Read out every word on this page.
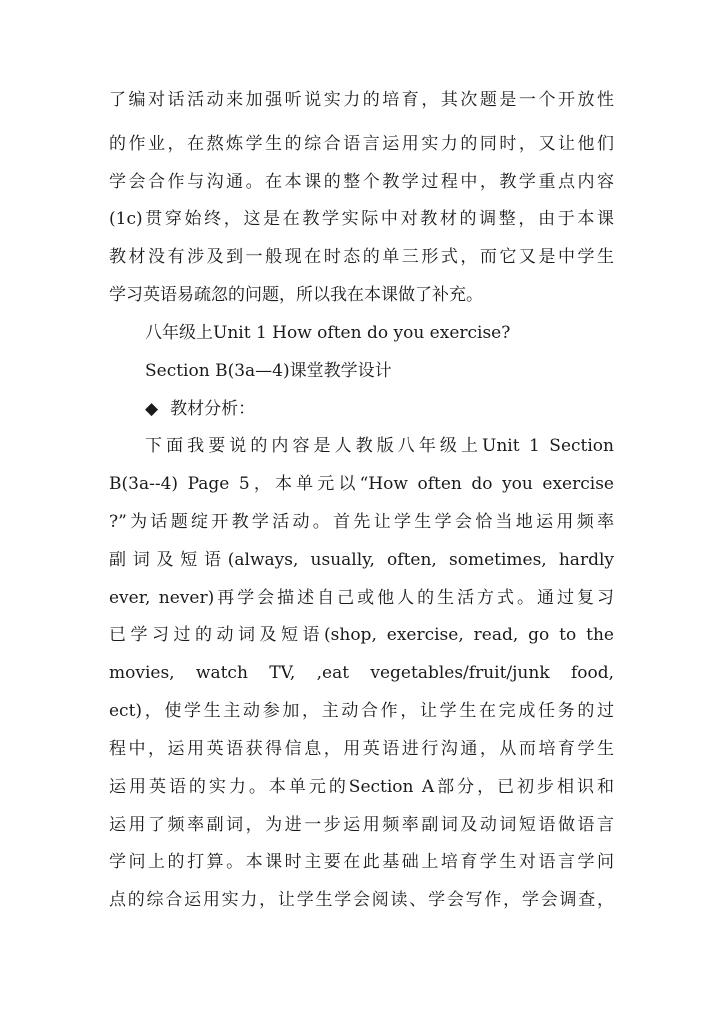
了编对话活动来加强听说实力的培育，其次题是一个开放性
的作业，在熬炼学生的综合语言运用实力的同时，又让他们
学会合作与沟通。在本课的整个教学过程中，教学重点内容
(1c)贯穿始终，这是在教学实际中对教材的调整，由于本课
教材没有涉及到一般现在时态的单三形式，而它又是中学生
学习英语易疏忽的问题，所以我在本课做了补充。
八年级上Unit 1 How often do you exercise?
Section B(3a—4)课堂教学设计
◆ 教材分析：
下面我要说的内容是人教版八年级上Unit 1 Section
B(3a--4) Page 5，本单元以“How often do you exercise
?”为话题绽开教学活动。首先让学生学会恰当地运用频率
副词及短语(always, usually, often, sometimes, hardly
ever, never)再学会描述自己或他人的生活方式。通过复习
已学习过的动词及短语(shop, exercise, read, go to the
movies, watch TV, ,eat vegetables/fruit/junk food,
ect)，使学生主动参加，主动合作，让学生在完成任务的过
程中，运用英语获得信息，用英语进行沟通，从而培育学生
运用英语的实力。本单元的Section A部分，已初步相识和
运用了频率副词，为进一步运用频率副词及动词短语做语言
学问上的打算。本课时主要在此基础上培育学生对语言学问
点的综合运用实力，让学生学会阅读、学会写作，学会调查，
